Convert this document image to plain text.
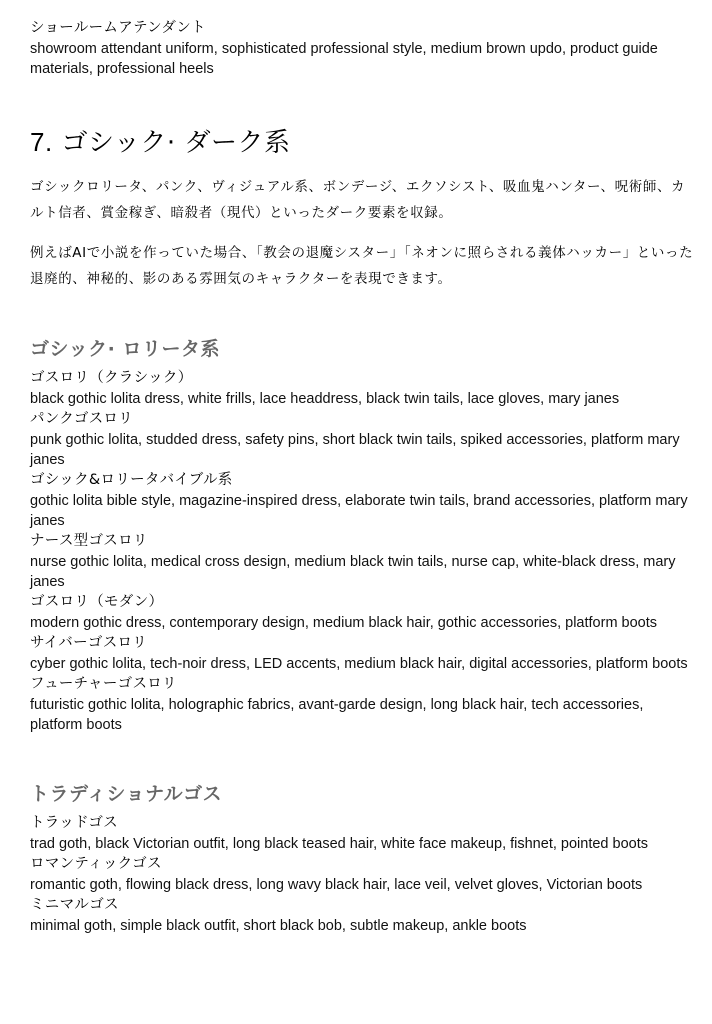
ショールームアテンダント

showroom attendant uniform, sophisticated professional style, medium brown updo, product guide materials, professional heels

7. ゴシック· ダーク系

ゴシックロリータ、パンク、ヴィジュアル系、ボンデージ、エクソシスト、吸血鬼ハンター、呪術師、カルト信者、賞金稼ぎ、暗殺者（現代）といったダーク要素を収録。

例えばAIで小説を作っていた場合、「教会の退魔シスター」「ネオンに照らされる義体ハッカー」といった退廃的、神秘的、影のある雰囲気のキャラクターを表現できます。

ゴシック· ロリータ系

ゴスロリ（クラシック）

black gothic lolita dress, white frills, lace headdress, black twin tails, lace gloves, mary janes

パンクゴスロリ

punk gothic lolita, studded dress, safety pins, short black twin tails, spiked accessories, platform mary janes

ゴシック&ロリータバイブル系

gothic lolita bible style, magazine-inspired dress, elaborate twin tails, brand accessories, platform mary janes

ナース型ゴスロリ

nurse gothic lolita, medical cross design, medium black twin tails, nurse cap, white-black dress, mary janes

ゴスロリ（モダン）

modern gothic dress, contemporary design, medium black hair, gothic accessories, platform boots

サイバーゴスロリ

cyber gothic lolita, tech-noir dress, LED accents, medium black hair, digital accessories, platform boots

フューチャーゴスロリ

futuristic gothic lolita, holographic fabrics, avant-garde design, long black hair, tech accessories, platform boots

トラディショナルゴス

トラッドゴス

trad goth, black Victorian outfit, long black teased hair, white face makeup, fishnet, pointed boots

ロマンティックゴス

romantic goth, flowing black dress, long wavy black hair, lace veil, velvet gloves, Victorian boots

ミニマルゴス

minimal goth, simple black outfit, short black bob, subtle makeup, ankle boots
